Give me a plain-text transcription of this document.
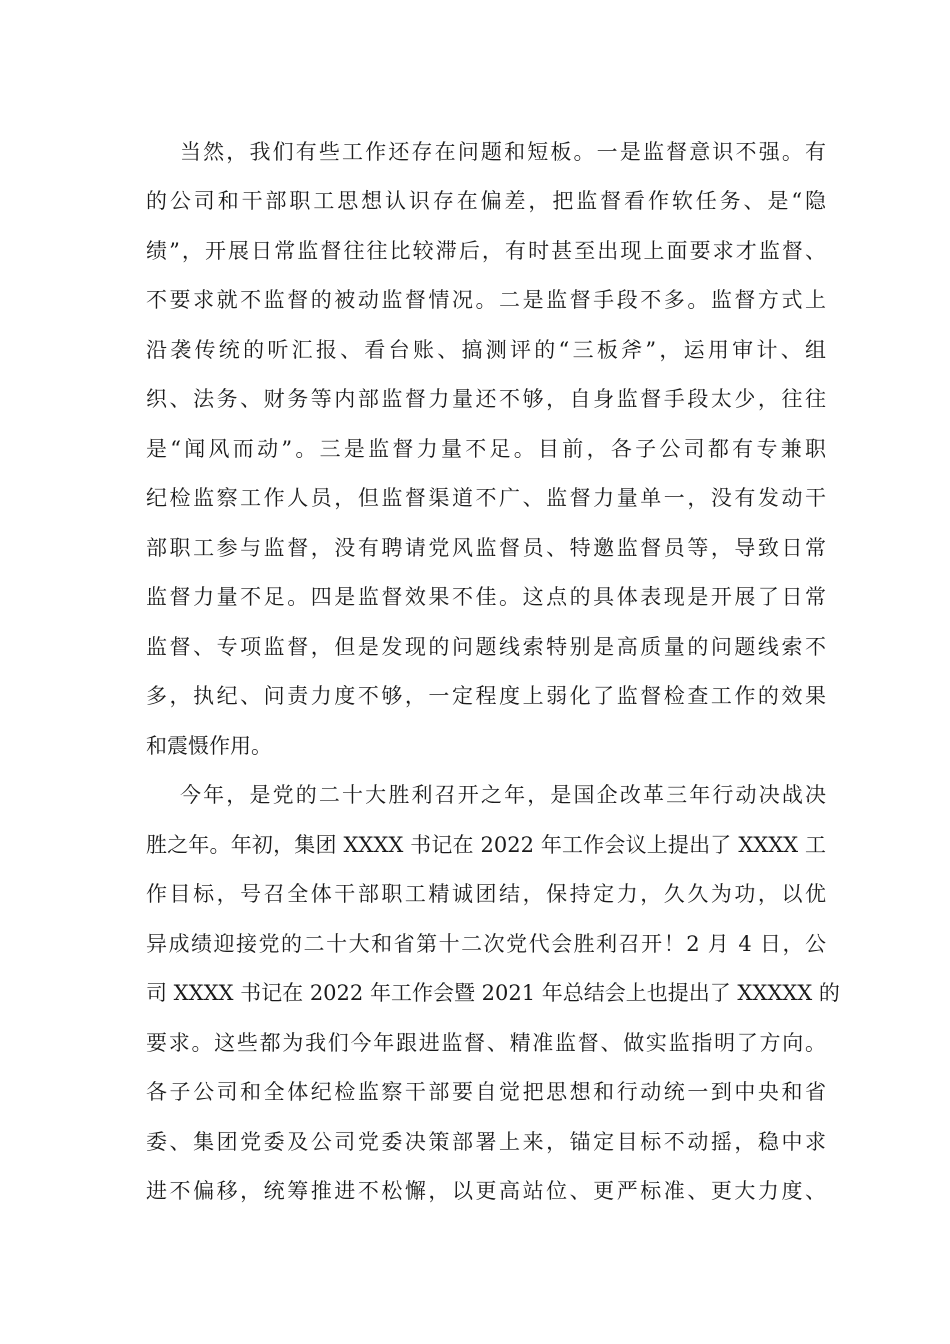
当然，我们有些工作还存在问题和短板。一是监督意识不强。有
的公司和干部职工思想认识存在偏差，把监督看作软任务、是“隐
绩”，开展日常监督往往比较滞后，有时甚至出现上面要求才监督、
不要求就不监督的被动监督情况。二是监督手段不多。监督方式上
沿袭传统的听汇报、看台账、搞测评的“三板斧”，运用审计、组
织、法务、财务等内部监督力量还不够，自身监督手段太少，往往
是“闻风而动”。三是监督力量不足。目前，各子公司都有专兼职
纪检监察工作人员，但监督渠道不广、监督力量单一，没有发动干
部职工参与监督，没有聘请党风监督员、特邀监督员等，导致日常
监督力量不足。四是监督效果不佳。这点的具体表现是开展了日常
监督、专项监督，但是发现的问题线索特别是高质量的问题线索不
多，执纪、问责力度不够，一定程度上弱化了监督检查工作的效果
和震慑作用。
今年，是党的二十大胜利召开之年，是国企改革三年行动决战决
胜之年。年初，集团 XXXX 书记在 2022 年工作会议上提出了 XXXX 工
作目标，号召全体干部职工精诚团结，保持定力，久久为功，以优
异成绩迎接党的二十大和省第十二次党代会胜利召开！2 月 4 日，公
司 XXXX 书记在 2022 年工作会暨 2021 年总结会上也提出了 XXXXX 的
要求。这些都为我们今年跟进监督、精准监督、做实监指明了方向。
各子公司和全体纪检监察干部要自觉把思想和行动统一到中央和省
委、集团党委及公司党委决策部署上来，锚定目标不动摇，稳中求
进不偏移，统筹推进不松懈，以更高站位、更严标准、更大力度、
